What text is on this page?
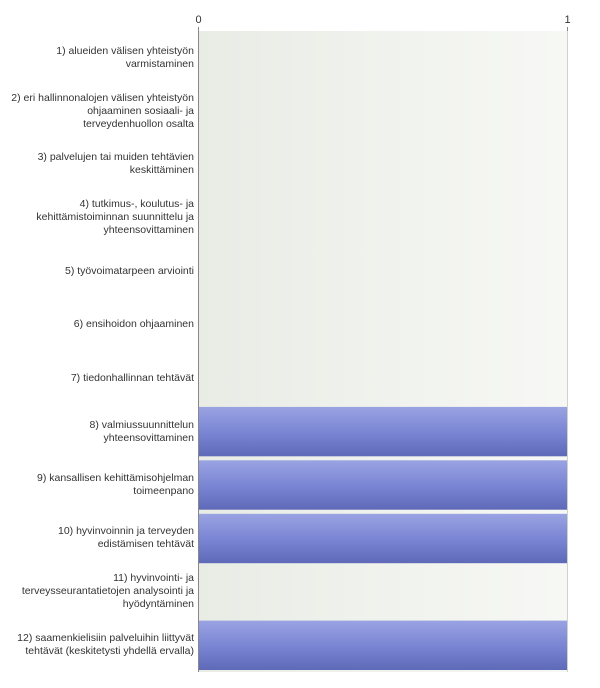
0	1
1) alueiden välisen yhteistyön varmistaminen
2) eri hallinnonalojen välisen yhteistyön ohjaaminen sosiaali- ja terveydenhuollon osalta
3) palvelujen tai muiden tehtävien keskittäminen
4) tutkimus-, koulutus- ja kehittämistoiminnan suunnittelu ja yhteensovittaminen
5) työvoimatarpeen arviointi
6) ensihoidon ohjaaminen
7) tiedonhallinnan tehtävät
8) valmiussuunnittelun yhteensovittaminen
9) kansallisen kehittämisohjelman toimeenpano
10) hyvinvoinnin ja terveyden edistämisen tehtävät
11) hyvinvointi- ja terveysseurantatietojen analysointi ja hyödyntäminen
12) saamenkielisiin palveluihin liittyvät tehtävät (keskitetysti yhdellä ervalla)
